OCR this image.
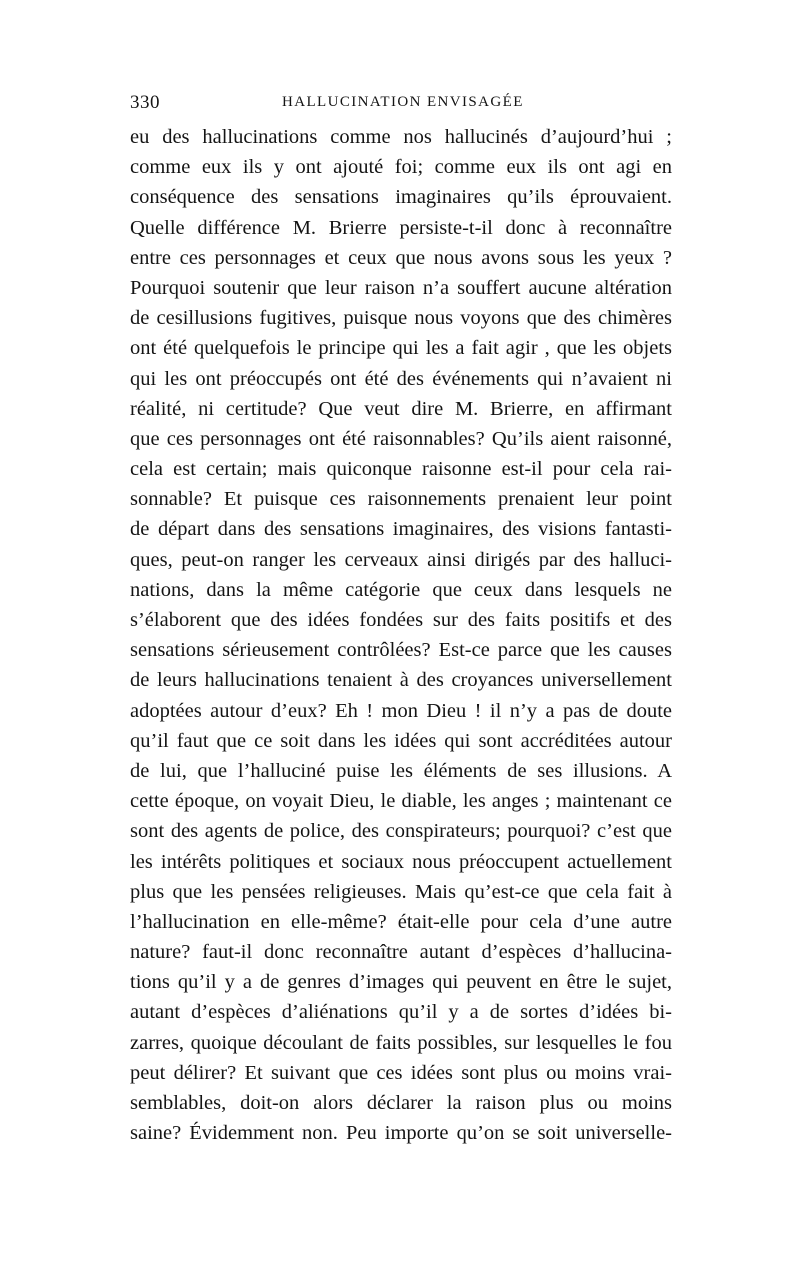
330	HALLUCINATION ENVISAGÉE
eu des hallucinations comme nos hallucinés d’aujourd’hui ;
comme eux ils y ont ajouté foi; comme eux ils ont agi en
conséquence des sensations imaginaires qu’ils éprouvaient.
Quelle différence M. Brierre persiste-t-il donc à reconnaître
entre ces personnages et ceux que nous avons sous les yeux ?
Pourquoi soutenir que leur raison n’a souffert aucune altération
de cesillusions fugitives, puisque nous voyons que des chimères
ont été quelquefois le principe qui les a fait agir , que les objets
qui les ont préoccupés ont été des événements qui n’avaient ni
réalité, ni certitude? Que veut dire M. Brierre, en affirmant
que ces personnages ont été raisonnables? Qu’ils aient raisonné,
cela est certain; mais quiconque raisonne est-il pour cela rai-
sonnable? Et puisque ces raisonnements prenaient leur point
de départ dans des sensations imaginaires, des visions fantasti-
ques, peut-on ranger les cerveaux ainsi dirigés par des halluci-
nations, dans la même catégorie que ceux dans lesquels ne
s’élaborent que des idées fondées sur des faits positifs et des
sensations sérieusement contrôlées? Est-ce parce que les causes
de leurs hallucinations tenaient à des croyances universellement
adoptées autour d’eux? Eh ! mon Dieu ! il n’y a pas de doute
qu’il faut que ce soit dans les idées qui sont accréditées autour
de lui, que l’halluciné puise les éléments de ses illusions. A
cette époque, on voyait Dieu, le diable, les anges ; maintenant ce
sont des agents de police, des conspirateurs; pourquoi? c’est que
les intérêts politiques et sociaux nous préoccupent actuellement
plus que les pensées religieuses. Mais qu’est-ce que cela fait à
l’hallucination en elle-même? était-elle pour cela d’une autre
nature? faut-il donc reconnaître autant d’espèces d’hallucina-
tions qu’il y a de genres d’images qui peuvent en être le sujet,
autant d’espèces d’aliénations qu’il y a de sortes d’idées bi-
zarres, quoique découlant de faits possibles, sur lesquelles le fou
peut délirer? Et suivant que ces idées sont plus ou moins vrai-
semblables, doit-on alors déclarer la raison plus ou moins
saine? Évidemment non. Peu importe qu’on se soit universelle-
